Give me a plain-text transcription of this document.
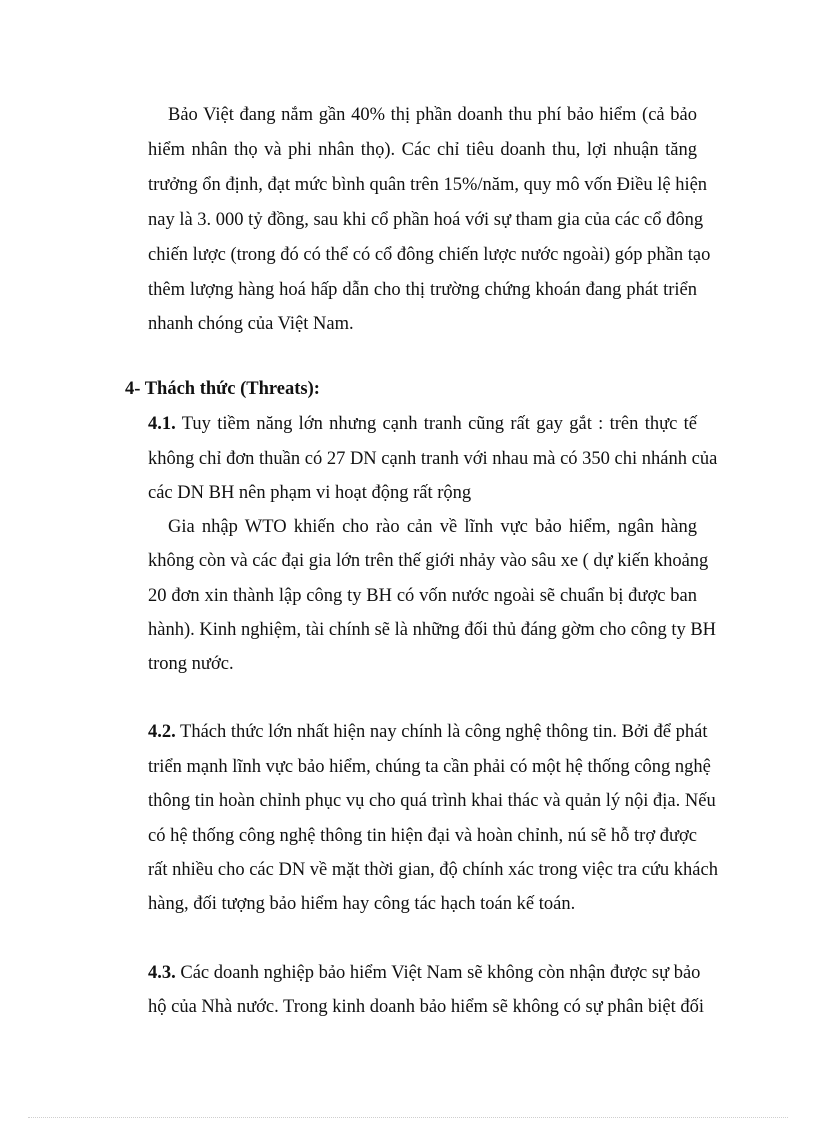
Bảo Việt đang nắm gần 40% thị phần doanh thu phí bảo hiểm (cả bảo
hiểm nhân thọ và phi nhân thọ). Các chỉ tiêu doanh thu, lợi nhuận tăng
trưởng ổn định, đạt mức bình quân trên 15%/năm, quy mô vốn Điều lệ hiện
nay là 3. 000 tỷ đồng, sau khi cổ phần hoá với sự tham gia của các cổ đông
chiến lược (trong đó có thể có cổ đông chiến lược nước ngoài) góp phần tạo
thêm lượng hàng hoá hấp dẫn cho thị trường chứng khoán đang phát triển
nhanh chóng của Việt Nam.
4- Thách thức (Threats):
4.1. Tuy tiềm năng lớn nhưng cạnh tranh cũng rất gay gắt : trên thực tế
không chỉ đơn thuần có 27 DN cạnh tranh với nhau mà có 350 chi nhánh của
các DN BH nên phạm vi hoạt động rất rộng
Gia nhập WTO khiến cho rào cản về lĩnh vực bảo hiểm, ngân hàng
không còn và các đại gia lớn trên thế giới nhảy vào sâu xe ( dự kiến khoảng
20 đơn xin thành lập công ty BH có vốn nước ngoài sẽ chuẩn bị được ban
hành). Kinh nghiệm, tài chính sẽ là những đối thủ đáng gờm cho công ty BH
trong nước.
4.2. Thách thức lớn nhất hiện nay chính là công nghệ thông tin. Bởi để phát
triển mạnh lĩnh vực bảo hiểm, chúng ta cần phải có một hệ thống công nghệ
thông tin hoàn chỉnh phục vụ cho quá trình khai thác và quản lý nội địa. Nếu
có hệ thống công nghệ thông tin hiện đại và hoàn chỉnh, nú sẽ hỗ trợ được
rất nhiều cho các DN về mặt thời gian, độ chính xác trong việc tra cứu khách
hàng, đối tượng bảo hiểm hay công tác hạch toán kế toán.
4.3. Các doanh nghiệp bảo hiểm Việt Nam sẽ không còn nhận được sự bảo
hộ của Nhà nước. Trong kinh doanh bảo hiểm sẽ không có sự phân biệt đối
